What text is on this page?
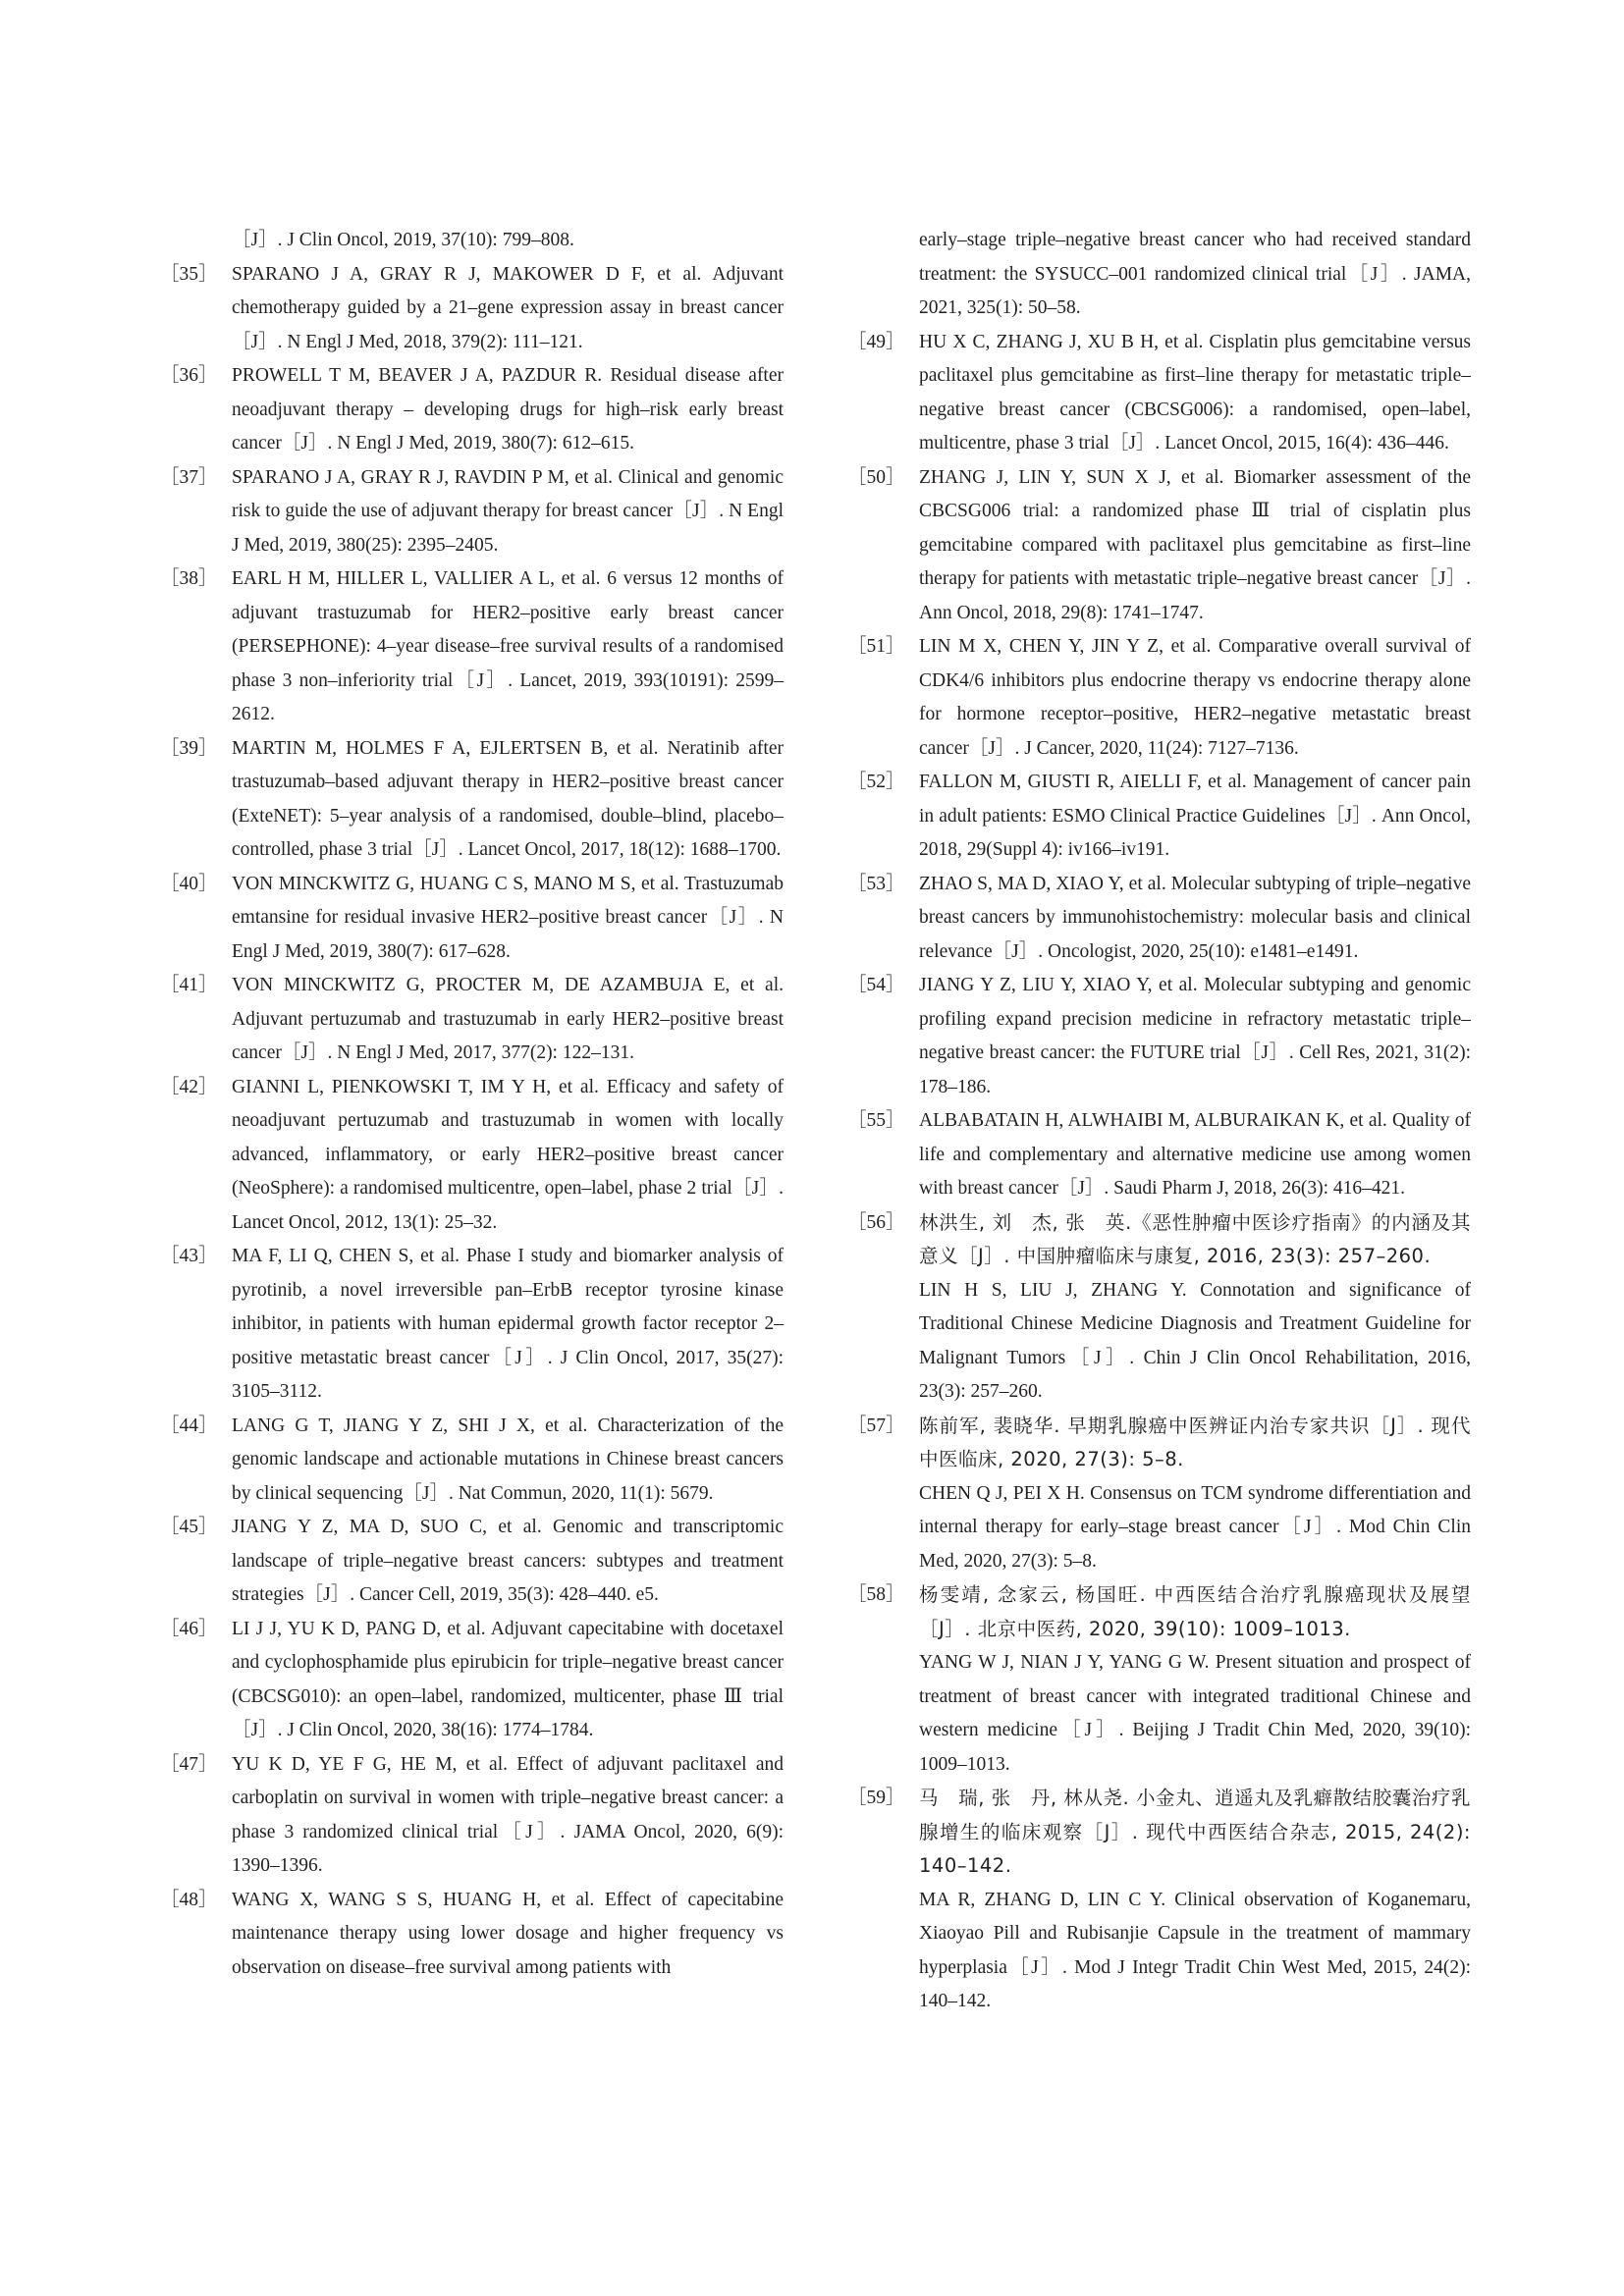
［J］. J Clin Oncol, 2019, 37(10): 799–808.
［35］ SPARANO J A, GRAY R J, MAKOWER D F, et al. Adjuvant chemotherapy guided by a 21–gene expression assay in breast cancer［J］. N Engl J Med, 2018, 379(2): 111–121.
［36］ PROWELL T M, BEAVER J A, PAZDUR R. Residual disease after neoadjuvant therapy – developing drugs for high–risk early breast cancer［J］. N Engl J Med, 2019, 380(7): 612–615.
［37］ SPARANO J A, GRAY R J, RAVDIN P M, et al. Clinical and genomic risk to guide the use of adjuvant therapy for breast cancer［J］. N Engl J Med, 2019, 380(25): 2395–2405.
［38］ EARL H M, HILLER L, VALLIER A L, et al. 6 versus 12 months of adjuvant trastuzumab for HER2–positive early breast cancer (PERSEPHONE): 4–year disease–free survival results of a randomised phase 3 non–inferiority trial［J］. Lancet, 2019, 393(10191): 2599–2612.
［39］ MARTIN M, HOLMES F A, EJLERTSEN B, et al. Neratinib after trastuzumab–based adjuvant therapy in HER2–positive breast cancer (ExteNET): 5–year analysis of a randomised, double–blind, placebo–controlled, phase 3 trial［J］. Lancet Oncol, 2017, 18(12): 1688–1700.
［40］ VON MINCKWITZ G, HUANG C S, MANO M S, et al. Trastuzumab emtansine for residual invasive HER2–positive breast cancer［J］. N Engl J Med, 2019, 380(7): 617–628.
［41］ VON MINCKWITZ G, PROCTER M, DE AZAMBUJA E, et al. Adjuvant pertuzumab and trastuzumab in early HER2–positive breast cancer［J］. N Engl J Med, 2017, 377(2): 122–131.
［42］ GIANNI L, PIENKOWSKI T, IM Y H, et al. Efficacy and safety of neoadjuvant pertuzumab and trastuzumab in women with locally advanced, inflammatory, or early HER2–positive breast cancer (NeoSphere): a randomised multicentre, open–label, phase 2 trial［J］. Lancet Oncol, 2012, 13(1): 25–32.
［43］ MA F, LI Q, CHEN S, et al. Phase I study and biomarker analysis of pyrotinib, a novel irreversible pan–ErbB receptor tyrosine kinase inhibitor, in patients with human epidermal growth factor receptor 2–positive metastatic breast cancer［J］. J Clin Oncol, 2017, 35(27): 3105–3112.
［44］ LANG G T, JIANG Y Z, SHI J X, et al. Characterization of the genomic landscape and actionable mutations in Chinese breast cancers by clinical sequencing［J］. Nat Commun, 2020, 11(1): 5679.
［45］ JIANG Y Z, MA D, SUO C, et al. Genomic and transcriptomic landscape of triple–negative breast cancers: subtypes and treatment strategies［J］. Cancer Cell, 2019, 35(3): 428–440. e5.
［46］ LI J J, YU K D, PANG D, et al. Adjuvant capecitabine with docetaxel and cyclophosphamide plus epirubicin for triple–negative breast cancer (CBCSG010): an open–label, randomized, multicenter, phase Ⅲ trial［J］. J Clin Oncol, 2020, 38(16): 1774–1784.
［47］ YU K D, YE F G, HE M, et al. Effect of adjuvant paclitaxel and carboplatin on survival in women with triple–negative breast cancer: a phase 3 randomized clinical trial［J］. JAMA Oncol, 2020, 6(9): 1390–1396.
［48］ WANG X, WANG S S, HUANG H, et al. Effect of capecitabine maintenance therapy using lower dosage and higher frequency vs observation on disease–free survival among patients with
early–stage triple–negative breast cancer who had received standard treatment: the SYSUCC–001 randomized clinical trial［J］. JAMA, 2021, 325(1): 50–58.
［49］ HU X C, ZHANG J, XU B H, et al. Cisplatin plus gemcitabine versus paclitaxel plus gemcitabine as first–line therapy for metastatic triple–negative breast cancer (CBCSG006): a randomised, open–label, multicentre, phase 3 trial［J］. Lancet Oncol, 2015, 16(4): 436–446.
［50］ ZHANG J, LIN Y, SUN X J, et al. Biomarker assessment of the CBCSG006 trial: a randomized phase Ⅲ trial of cisplatin plus gemcitabine compared with paclitaxel plus gemcitabine as first–line therapy for patients with metastatic triple–negative breast cancer［J］. Ann Oncol, 2018, 29(8): 1741–1747.
［51］ LIN M X, CHEN Y, JIN Y Z, et al. Comparative overall survival of CDK4/6 inhibitors plus endocrine therapy vs endocrine therapy alone for hormone receptor–positive, HER2–negative metastatic breast cancer［J］. J Cancer, 2020, 11(24): 7127–7136.
［52］ FALLON M, GIUSTI R, AIELLI F, et al. Management of cancer pain in adult patients: ESMO Clinical Practice Guidelines［J］. Ann Oncol, 2018, 29(Suppl 4): iv166–iv191.
［53］ ZHAO S, MA D, XIAO Y, et al. Molecular subtyping of triple–negative breast cancers by immunohistochemistry: molecular basis and clinical relevance［J］. Oncologist, 2020, 25(10): e1481–e1491.
［54］ JIANG Y Z, LIU Y, XIAO Y, et al. Molecular subtyping and genomic profiling expand precision medicine in refractory metastatic triple–negative breast cancer: the FUTURE trial［J］. Cell Res, 2021, 31(2): 178–186.
［55］ ALBABATAIN H, ALWHAIBI M, ALBURAIKAN K, et al. Quality of life and complementary and alternative medicine use among women with breast cancer［J］. Saudi Pharm J, 2018, 26(3): 416–421.
［56］ 林洪生, 刘　杰, 张　英.《恶性肿瘤中医诊疗指南》的内涵及其意义［J］. 中国肿瘤临床与康复, 2016, 23(3): 257–260.
LIN H S, LIU J, ZHANG Y. Connotation and significance of Traditional Chinese Medicine Diagnosis and Treatment Guideline for Malignant Tumors［J］. Chin J Clin Oncol Rehabilitation, 2016, 23(3): 257–260.
［57］ 陈前军, 裴晓华. 早期乳腺癌中医辨证内治专家共识［J］. 现代中医临床, 2020, 27(3): 5–8.
CHEN Q J, PEI X H. Consensus on TCM syndrome differentiation and internal therapy for early–stage breast cancer［J］. Mod Chin Clin Med, 2020, 27(3): 5–8.
［58］ 杨雯靖, 念家云, 杨国旺. 中西医结合治疗乳腺癌现状及展望［J］. 北京中医药, 2020, 39(10): 1009–1013.
YANG W J, NIAN J Y, YANG G W. Present situation and prospect of treatment of breast cancer with integrated traditional Chinese and western medicine［J］. Beijing J Tradit Chin Med, 2020, 39(10): 1009–1013.
［59］ 马　瑞, 张　丹, 林从尧. 小金丸、逍遥丸及乳癖散结胶囊治疗乳腺增生的临床观察［J］. 现代中西医结合杂志, 2015, 24(2): 140–142.
MA R, ZHANG D, LIN C Y. Clinical observation of Koganemaru, Xiaoyao Pill and Rubisanjie Capsule in the treatment of mammary hyperplasia［J］. Mod J Integr Tradit Chin West Med, 2015, 24(2): 140–142.
